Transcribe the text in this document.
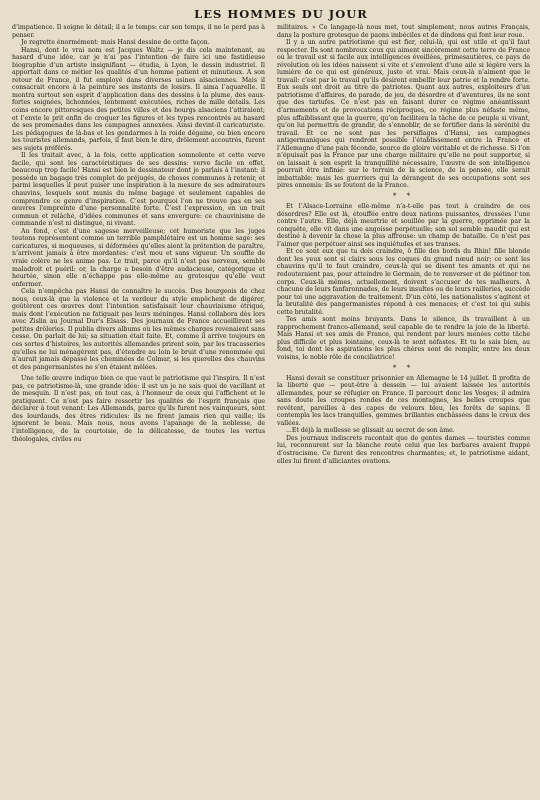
LES HOMMES DU JOUR

d’impatience. Il soigne le détail; il a le temps: car son temps, il ne le perd pas à penser.

Je regrette énormément: mais Hansi dessine de cette façon.

Hansi, dont le vrai nom est Jacques Waltz — je dis cela maintenant, au hasard d’une idée, car je n’ai pas l’intention de faire ici une fastidieuse biographie d’un artiste insignifiant — étudia, à Lyon, le dessin industriel. Il apportait dans ce métier les qualités d’un homme patient et minutieux. A son retour de France, il fut employé dans diverses usines alsaciennes. Mais il consacrait encore à la peinture ses instants de loisirs. Il aima l’aquarelle. Il montra surtout son esprit d’application dans des dessins à la plume, des eaux-fortes soignées, lichonnées, lentement exécutées, riches de mille détails. Les coins encore pittoresques des petites villes et des bourgs alsaciens l’attiraient; et l’envie le prit enfin de croquer les figures et les types rencontrés au hasard de ses promenades dans les campagnes annexées. Ainsi devint-il caricaturiste. Les pédagogues de là-bas et les gendarmes à la roide dégaine, ou bien encore les touristes allemands, parfois, il faut bien le dire, drôlement accoutrés, furent ses sujets préférés.

Il les traitait avec, à la fois, cette application somnolente et cette verve facile, qui sont les caractéristiques de ses dessins: verve facile en effet, beaucoup trop facile! Hansi est bien le dessinateur dont je parlais à l’instant: il possède un bagage très complet de préjugés, de choses communes à retenir, et parmi lesquelles il peut puiser une inspiration à la mesure de ses admirateurs chauvins, lesquels sont munis du même bagage et seulement capables de comprendre ce genre d’inspiration. C’est pourquoi l’on ne trouve pas en ses œuvres l’empreinte d’une personnalité forte. C’est l’expression, en un trait commun et relâché, d’idées communes et sans envergure: ce chauvinisme de commande n’est ni distingué, ni vivant.

Au fond, c’est d’une sagesse merveilleuse; cet humoriste que les juges teutons représentent comme un terrible pamphlétaire est un homme sage: ses caricatures, si moqueuses, si déformées qu’elles aient la prétention de paraître, n’arrivent jamais à être mordantes: c’est mou et sans vigueur. Un souffle de vraie colère ne les anime pas. Le trait, parce qu’il n’est pas nerveux, semble maladroit et puéril: or, la charge a besoin d’être audacieuse, catégorique et heurtée, sinon elle n’échappe pas elle-même au grotesque qu’elle veut enfermer.

Cela n’empêcha pas Hansi de connaître le succès. Des bourgeois de chez nous, ceux-là que la violence et la verdeur du style empêchent de digérer, goûtèrent ces œuvres dont l’intention satisfaisait leur chauvinisme étriqué, mais dont l’exécution ne fatiguait pas leurs méninges. Hansi collabora dès lors avec Zislin au Journal Dur’s Elsass. Des journaux de France accueillirent ses petites drôleries. Il publia divers albums où les mêmes charges revenaient sans cesse. On parlait de lui; sa situation était faite. Et, comme il arrive toujours en ces sortes d’histoires, les autorités allemandes prirent soin, par les tracasseries qu’elles ne lui ménagèrent pas, d’étendre au loin le bruit d’une renommée qui n’aurait jamais dépassé les cheminées de Colmar, si les querelles des chauvins et des pangermanistes ne s’en étaient mêlées.

Une telle œuvre indique bien ce que vaut le patriotisme qui l’inspira. Il n’est pas, ce patriotisme-là, une grande idée: il est un je ne sais quoi de vacillant et de mesquin. Il n’est pas, en tout cas, à l’honneur de ceux qui l’affichent et le pratiquent. Ce n’est pas faire ressortir les qualités de l’esprit français que déclarer à tout venant: Les Allemands, parce qu’ils furent nos vainqueurs, sont des lourdauds, des êtres ridicules: ils ne firent jamais rien qui vaille; ils ignorent le beau. Mais nous, nous avons l’apanage de la noblesse, de l’intelligence, de la courtoisie, de la délicatesse, de toutes les vertus théologales, civiles ou

militaires. » Ce langage-là nous met, tout simplement, nous autres Français, dans la posture grotesque de paons imbéciles et de dindons qui font leur roue.

Il y a un autre patriotisme qui est fier, celui-là, qui est utile et qu’il faut respecter. Ils sont nombreux ceux qui aiment sincèrement cette terre de France où le travail est si facile aux intelligences éveillées, primesautières, ce pays de révolution où les idées naissent si vite et s’envolent d’une aile si légère vers la lumière de ce qui est généreux, juste et vrai. Mais ceux-là n’aiment que le travail: c’est par le travail qu’ils désirent embellir leur patrie et la rendre forte. Eux seuls ont droit au titre de patriotes. Quant aux autres, exploiteurs d’un patriotisme d’affaires, de parade, de jeu, de désordre et d’aventures, ils ne sont que des tartufes. Ce n’est pas en faisant durer ce régime anéantissant d’armements et de provocations réciproques, ce régime plus néfaste même, plus affaiblissant que la guerre, qu’on facilitera la tâche de ce peuple si vivant, qu’on lui permettra de grandir, de s’ennoblir, de se fortifier dans la sérénité du travail. Et ce ne sont pas les persiflages d’Hansi, ses campagnes antigermaniques qui rendront possible l’établissement entre la France et l’Allemagne d’une paix féconde, source de gloire véritable et de richesse. Si l’on n’épuisait pas la France par une charge militaire qu’elle ne peut supporter, si on laissait à son esprit la tranquillité nécessaire, l’œuvre de son intelligence pourrait être infinie: sur le terrain de la science, de la pensée, elle serait imbattable: mais les guerriers qui la dérangent de ses occupations sont ses pires ennemis: ils se foutent de la France.

* *

Et l’Alsace-Lorraine elle-même n’a-t-elle pas tout à craindre de ces désordres? Elle est là, étouffée entre deux nations puissantes, dressées l’une contre l’autre. Elle, déjà meurtrie et souillée par la guerre, opprimée par la conquête, elle vit dans une angoisse perpétuelle; son sol semble maudit qui est destiné à devenir la chose la plus affreuse: un champ de bataille. Ce n’est pas l’aimer que perpétuer ainsi ses inquiétudes et ses transes.

Et ce sont eux que tu dois craindre, ô fille des bords du Rhin! fille blonde dont les yeux sont si clairs sous les coques du grand nœud noir; ce sont les chauvins qu’il te faut craindre, ceux-là qui se disent tes amants et qui ne redouteraient pas, pour atteindre le Germain, de te renverser et de piétiner ton corps. Ceux-là mêmes, actuellement, doivent s’accuser de tes malheurs. A chacune de leurs fanfaronnades, de leurs insultes ou de leurs railleries, succède pour toi une aggravation de traitement. D’un côté, les nationalistes s’agitent et la brutalité des pangermanistes répond à ces menaces; et c’est toi qui subis cette brutalité.

Tes amis sont moins bruyants. Dans le silence, ils travaillent à un rapprochement franco-allemand, seul capable de te rendre la joie de la liberté. Mais Hansi et ses amis de France, qui rendent par leurs menées cette tâche plus difficile et plus lointaine, ceux-là te sont néfastes. Et tu le sais bien, au fond, toi dont les aspirations les plus chères sont de remplir, entre les deux voisins, le noble rôle de conciliatrice!

* *

Hansi devait se constituer prisonnier en Allemagne le 14 juillet. Il profita de la liberté que — peut-être à dessein — lui avaient laissée les autorités allemandes, pour se réfugier en France. Il parcourt donc les Vosges; il admira sans doute les croupes rondes de ces montagnes, les belles croupes que revêtent, pareilles à des capes de velours bleu, les forêts de sapins. Il contempla les lacs tranquilles, gemmes brillantes enchâssées dans le creux des vallées.

...Et déjà la mollesse se glissait au secret de son âme.

Des journaux indiscrets racontait que de gentes dames — touristes comme lui, reconnurent sur la blanche route celui que les barbares avaient frappé d’ostracisme. Ce furent des rencontres charmantes; et, le patriotisme aidant, elles lui firent d’alliciantes ovations.
